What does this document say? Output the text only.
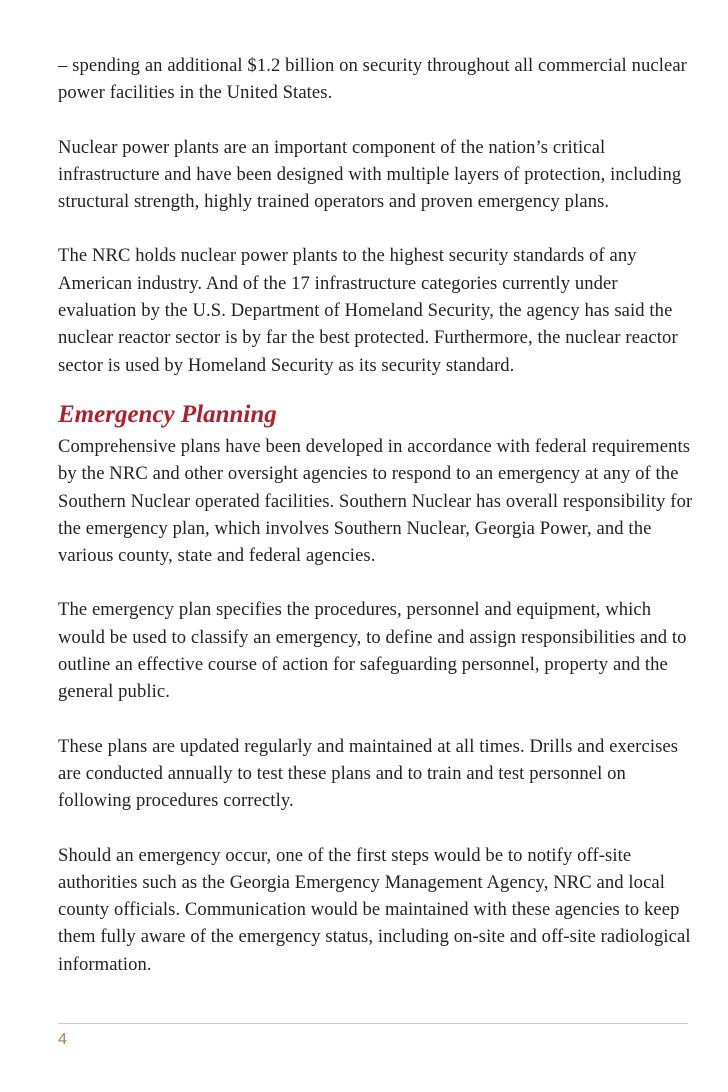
– spending an additional $1.2 billion on security throughout all commercial nuclear power facilities in the United States.

Nuclear power plants are an important component of the nation’s critical infrastructure and have been designed with multiple layers of protection, including structural strength, highly trained operators and proven emergency plans.

The NRC holds nuclear power plants to the highest security standards of any American industry. And of the 17 infrastructure categories currently under evaluation by the U.S. Department of Homeland Security, the agency has said the nuclear reactor sector is by far the best protected. Furthermore, the nuclear reactor sector is used by Homeland Security as its security standard.

Emergency Planning

Comprehensive plans have been developed in accordance with federal requirements by the NRC and other oversight agencies to respond to an emergency at any of the Southern Nuclear operated facilities. Southern Nuclear has overall responsibility for the emergency plan, which involves Southern Nuclear, Georgia Power, and the various county, state and federal agencies.

The emergency plan specifies the procedures, personnel and equipment, which would be used to classify an emergency, to define and assign responsibilities and to outline an effective course of action for safeguarding personnel, property and the general public.

These plans are updated regularly and maintained at all times. Drills and exercises are conducted annually to test these plans and to train and test personnel on following procedures correctly.

Should an emergency occur, one of the first steps would be to notify off-site authorities such as the Georgia Emergency Management Agency, NRC and local county officials. Communication would be maintained with these agencies to keep them fully aware of the emergency status, including on-site and off-site radiological information.

4
